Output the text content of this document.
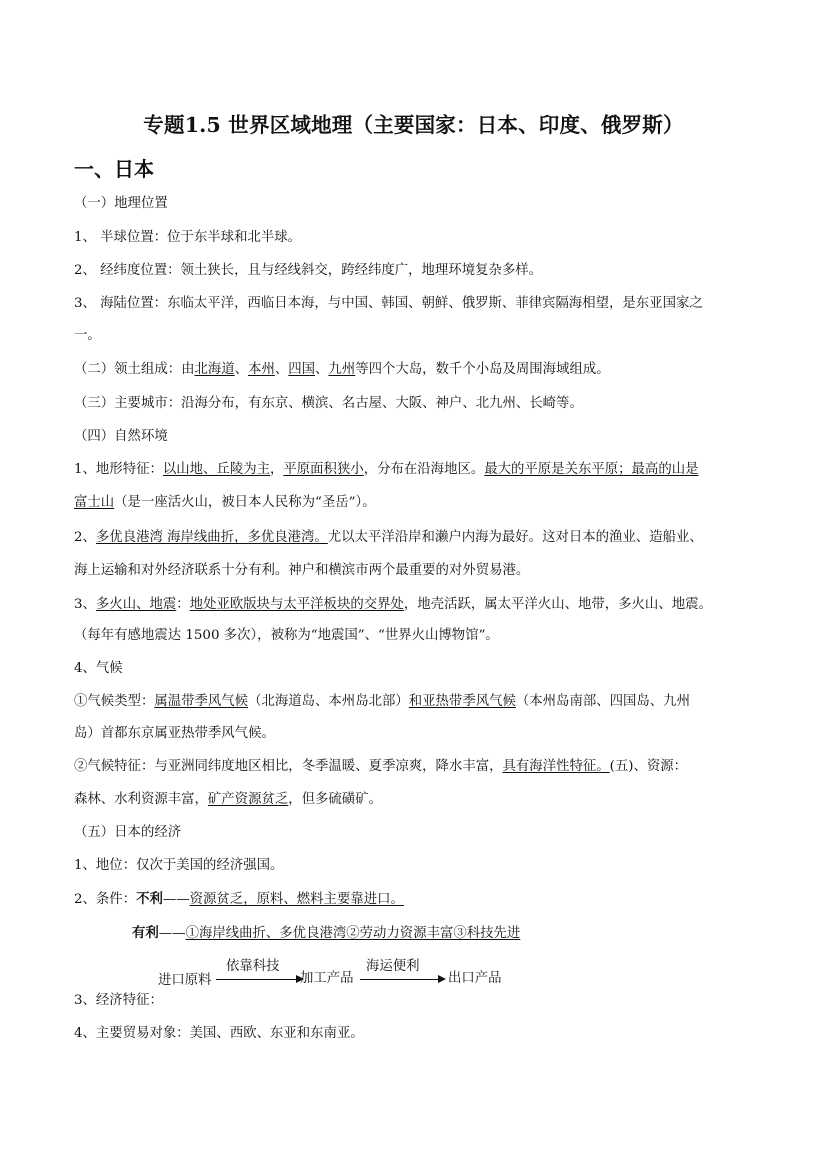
专题1.5 世界区域地理（主要国家：日本、印度、俄罗斯）
一、日本
（一）地理位置
1、 半球位置：位于东半球和北半球。
2、 经纬度位置：领土狭长，且与经线斜交，跨经纬度广，地理环境复杂多样。
3、 海陆位置：东临太平洋，西临日本海，与中国、韩国、朝鲜、俄罗斯、菲律宾隔海相望，是东亚国家之
一。
（二）领土组成：由北海道、本州、四国、九州等四个大岛，数千个小岛及周围海域组成。
（三）主要城市：沿海分布，有东京、横滨、名古屋、大阪、神户、北九州、长崎等。
（四）自然环境
1、地形特征：以山地、丘陵为主，平原面积狭小，分布在沿海地区。最大的平原是关东平原；最高的山是
富士山（是一座活火山，被日本人民称为“圣岳”）。
2、多优良港湾 海岸线曲折，多优良港湾。尤以太平洋沿岸和濑户内海为最好。这对日本的渔业、造船业、
海上运输和对外经济联系十分有利。神户和横滨市两个最重要的对外贸易港。
3、多火山、地震：地处亚欧版块与太平洋板块的交界处，地壳活跃，属太平洋火山、地带，多火山、地震。
（每年有感地震达 1500 多次），被称为“地震国”、“世界火山博物馆”。
4、气候
①气候类型：属温带季风气候（北海道岛、本州岛北部）和亚热带季风气候（本州岛南部、四国岛、九州
岛）首都东京属亚热带季风气候。
②气候特征：与亚洲同纬度地区相比，冬季温暖、夏季凉爽，降水丰富，具有海洋性特征。(五)、资源：
森林、水利资源丰富，矿产资源贫乏，但多硫磺矿。
（五）日本的经济
1、地位：仅次于美国的经济强国。
2、条件：不利——资源贫乏，原料、燃料主要靠进口。
有利——①海岸线曲折、多优良港湾②劳动力资源丰富③科技先进
进口原料
依靠科技
加工产品
海运便利
出口产品
3、经济特征：
4、主要贸易对象：美国、西欧、东亚和东南亚。
